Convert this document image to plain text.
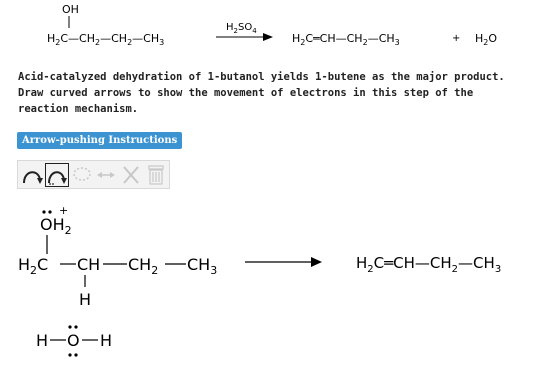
OH
$H_2C—CH_2—CH_2—CH_3$
$H_2SO_4$
$H_2C═CH—CH_2—CH_3$	+ $H_2O$
Acid-catalyzed dehydration of 1-butanol yields 1-butene as the major product. Draw curved arrows to show the movement of electrons in this step of the reaction mechanism.
Arrow-pushing Instructions
+
$OH_2$
$H_2C$ CH $CH_2$ $CH_3$
H
H O H
$H_2C═CH—CH_2—CH_3$
